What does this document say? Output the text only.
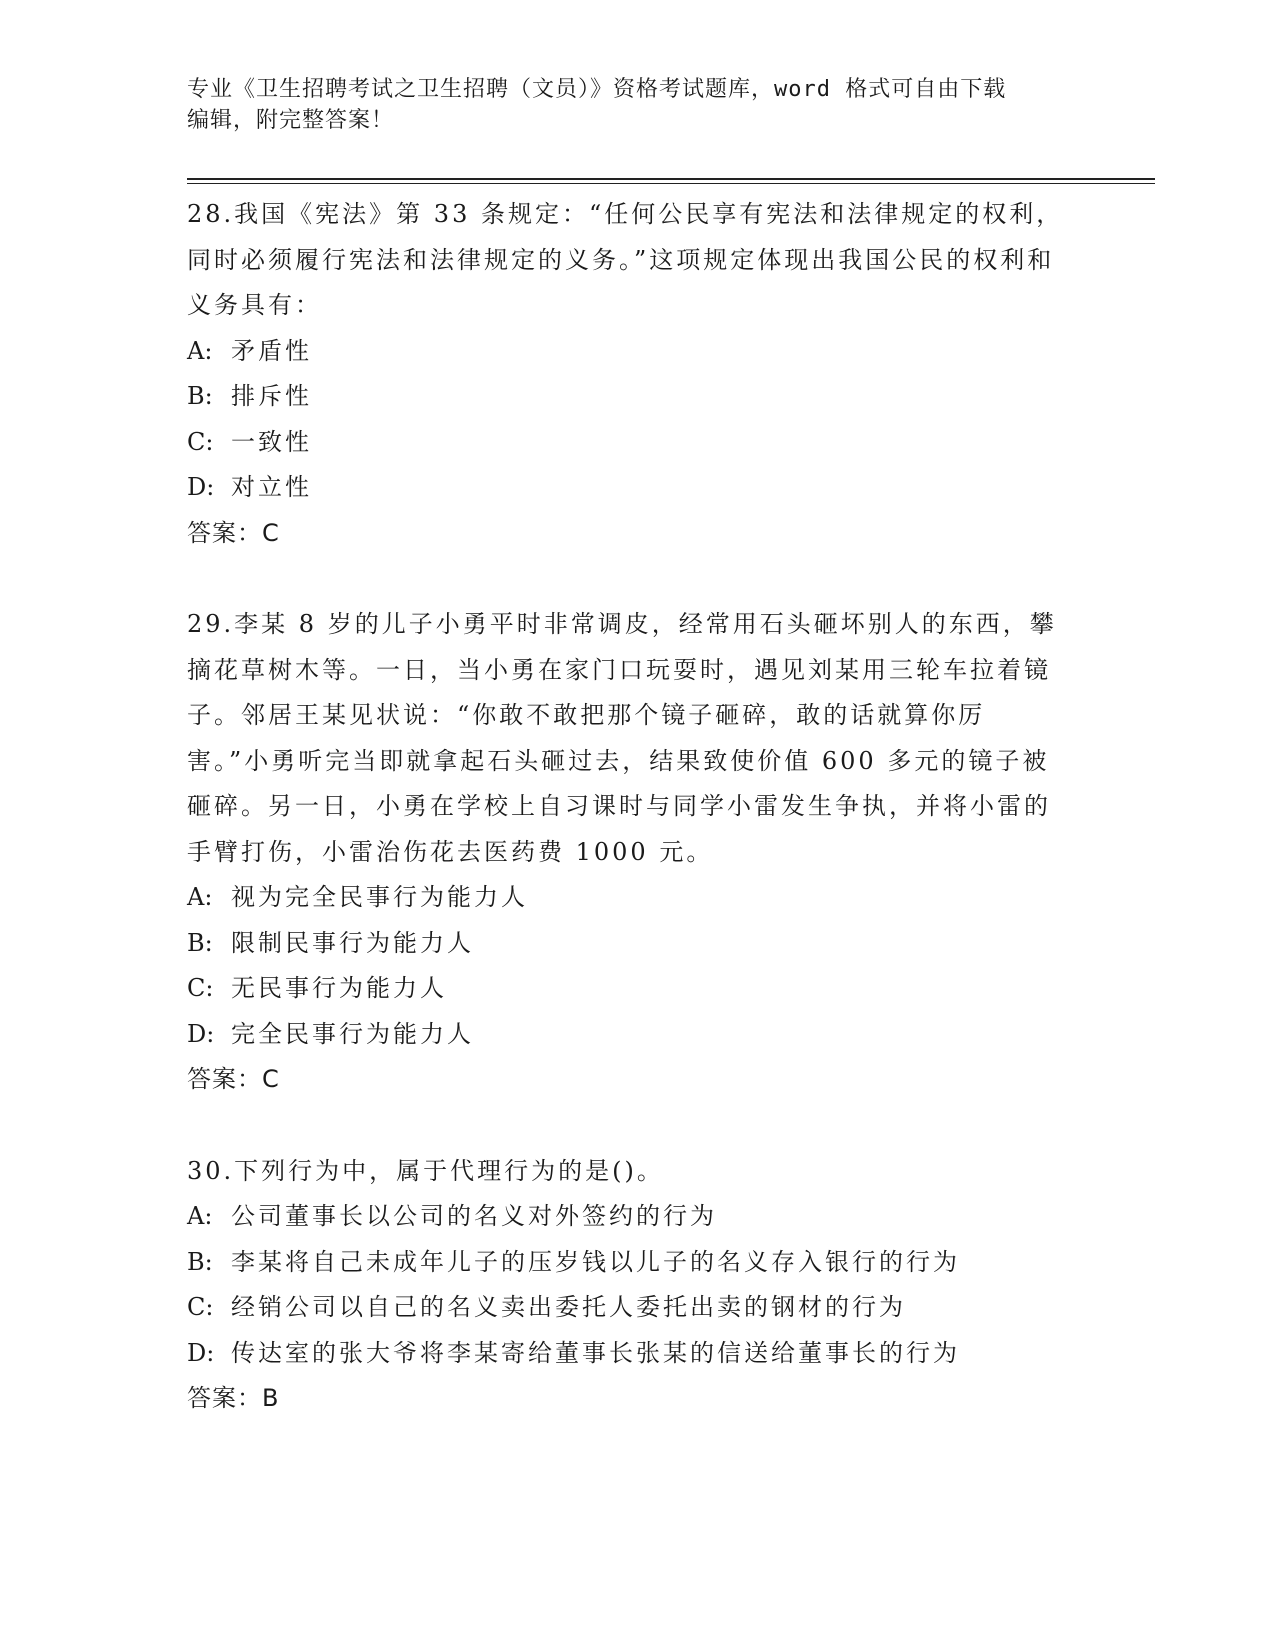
专业《卫生招聘考试之卫生招聘（文员）》资格考试题库，word 格式可自由下载
编辑，附完整答案！

28.我国《宪法》第 33 条规定：“任何公民享有宪法和法律规定的权利，同时必须履行宪法和法律规定的义务。”这项规定体现出我国公民的权利和义务具有：

A: 矛盾性
B: 排斥性
C: 一致性
D: 对立性

答案：C

29.李某 8 岁的儿子小勇平时非常调皮，经常用石头砸坏别人的东西，攀摘花草树木等。一日，当小勇在家门口玩耍时，遇见刘某用三轮车拉着镜子。邻居王某见状说：“你敢不敢把那个镜子砸碎，敢的话就算你厉害。”小勇听完当即就拿起石头砸过去，结果致使价值 600 多元的镜子被砸碎。另一日，小勇在学校上自习课时与同学小雷发生争执，并将小雷的手臂打伤，小雷治伤花去医药费 1000 元。

A: 视为完全民事行为能力人
B: 限制民事行为能力人
C: 无民事行为能力人
D: 完全民事行为能力人

答案：C

30.下列行为中，属于代理行为的是()。

A: 公司董事长以公司的名义对外签约的行为
B: 李某将自己未成年儿子的压岁钱以儿子的名义存入银行的行为
C: 经销公司以自己的名义卖出委托人委托出卖的钢材的行为
D: 传达室的张大爷将李某寄给董事长张某的信送给董事长的行为

答案：B
